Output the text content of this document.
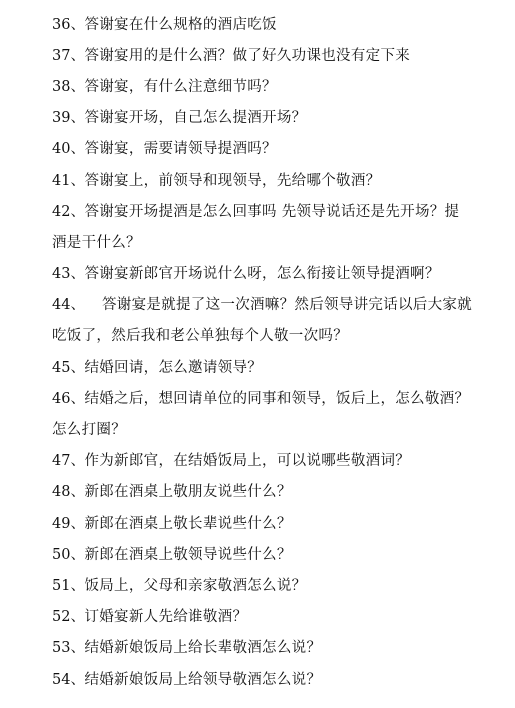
36 、 答谢宴在什么规格的酒店吃饭
37 、 答谢宴用的是什么酒？做了好久功课也没有定下来
38 、 答谢宴，有什么注意细节吗？
39 、 答谢宴开场，自己怎么提酒开场？
40 、 答谢宴，需要请领导提酒吗？
41 、 答谢宴上，前领导和现领导，先给哪个敬酒？
42 、 答谢宴开场提酒是怎么回事吗 先领导说话还是先开场？提
酒是干什么？
43 、 答谢宴新郎官开场说什么呀，怎么衔接让领导提酒啊？
44 、	答谢宴是就提了这一次酒嘛？然后领导讲完话以后大家就
吃饭了，然后我和老公单独每个人敬一次吗？
45 、 结婚回请，怎么邀请领导？
46 、 结婚之后，想回请单位的同事和领导，饭后上，怎么敬酒？
怎么打圈？
47 、 作为新郎官，在结婚饭局上，可以说哪些敬酒词？
48 、 新郎在酒桌上敬朋友说些什么？
49 、 新郎在酒桌上敬长辈说些什么？
50 、 新郎在酒桌上敬领导说些什么？
51 、 饭局上，父母和亲家敬酒怎么说？
52 、 订婚宴新人先给谁敬酒？
53 、 结婚新娘饭局上给长辈敬酒怎么说？
54 、 结婚新娘饭局上给领导敬酒怎么说？
